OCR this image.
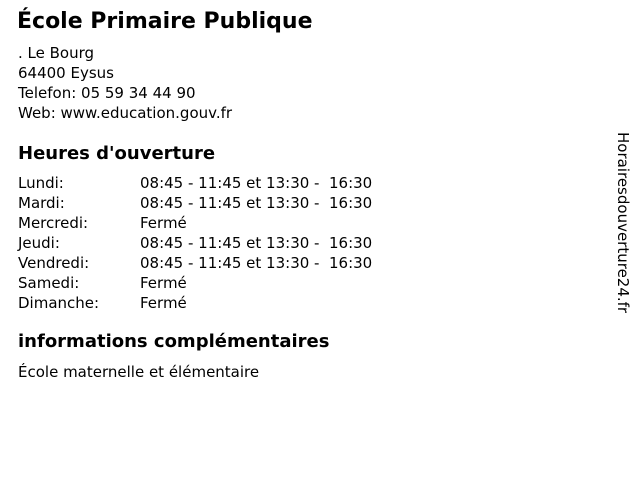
École Primaire Publique
. Le Bourg
64400 Eysus
Telefon: 05 59 34 44 90
Web: www.education.gouv.fr
Heures d'ouverture
Lundi:	08:45 - 11:45 et 13:30 -  16:30
Mardi:	08:45 - 11:45 et 13:30 -  16:30
Mercredi:	Fermé
Jeudi:	08:45 - 11:45 et 13:30 -  16:30
Vendredi:	08:45 - 11:45 et 13:30 -  16:30
Samedi:	Fermé
Dimanche:	Fermé
informations complémentaires
École maternelle et élémentaire
Horairesdouverture24.fr
